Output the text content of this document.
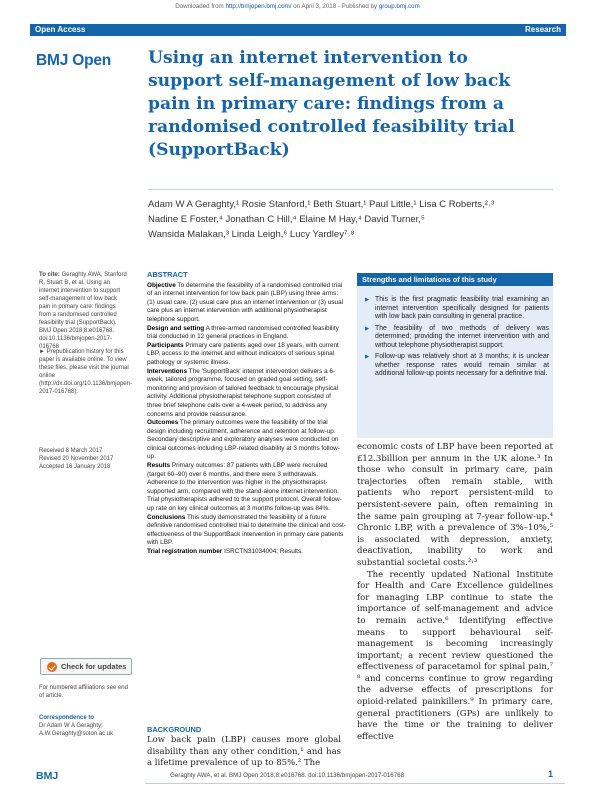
Downloaded from http://bmjopen.bmj.com/ on April 3, 2018 - Published by group.bmj.com
Open Access	Research
BMJ Open Using an internet intervention to support self-management of low back pain in primary care: findings from a randomised controlled feasibility trial (SupportBack)
Adam W A Geraghty,¹ Rosie Stanford,¹ Beth Stuart,¹ Paul Little,¹ Lisa C Roberts,²˒³
Nadine E Foster,⁴ Jonathan C Hill,⁴ Elaine M Hay,⁴ David Turner,⁵
Wansida Malakan,³ Linda Leigh,⁶ Lucy Yardley⁷˒⁸
To cite: Geraghty AWA, Stanford R, Stuart B, et al. Using an internet intervention to support self-management of low back pain in primary care: findings from a randomised controlled feasibility trial (SupportBack). BMJ Open 2018;8:e016768. doi:10.1136/bmjopen-2017-016768
► Prepublication history for this paper is available online. To view these files, please visit the journal online (http://dx.doi.org/10.1136/bmjopen-2017-016768).
Received 8 March 2017
Revised 20 November 2017
Accepted 16 January 2018
Check for updates
For numbered affiliations see end of article.
Correspondence to
Dr Adam W A Geraghty;
A.W.Geraghty@soton.ac.uk
ABSTRACT

Objective To determine the feasibility of a randomised controlled trial of an internet intervention for low back pain (LBP) using three arms: (1) usual care, (2) usual care plus an internet intervention or (3) usual care plus an internet intervention with additional physiotherapist telephone support.

Design and setting A three-armed randomised controlled feasibility trial conducted in 12 general practices in England.

Participants Primary care patients aged over 18 years, with current LBP, access to the internet and without indicators of serious spinal pathology or systemic illness.

Interventions The 'SupportBack' internet intervention delivers a 6-week, tailored programme, focused on graded goal setting, self-monitoring and provision of tailored feedback to encourage physical activity. Additional physiotherapist telephone support consisted of three brief telephone calls over a 4-week period, to address any concerns and provide reassurance.

Outcomes The primary outcomes were the feasibility of the trial design including recruitment, adherence and retention at follow-up. Secondary descriptive and exploratory analyses were conducted on clinical outcomes including LBP-related disability at 3 months follow-up.

Results Primary outcomes: 87 patients with LBP were recruited (target 60–90) over 6 months, and there were 3 withdrawals. Adherence to the intervention was higher in the physiotherapist-supported arm, compared with the stand-alone internet intervention. Trial physiotherapists adhered to the support protocol. Overall follow-up rate on key clinical outcomes at 3 months follow-up was 84%.

Conclusions This study demonstrated the feasibility of a future definitive randomised controlled trial to determine the clinical and cost-effectiveness of the SupportBack intervention in primary care patients with LBP.

Trial registration number ISRCTN31034004; Results.

BACKGROUND
Low back pain (LBP) causes more global disability than any other condition,¹ and has a lifetime prevalence of up to 85%.² The
Strengths and limitations of this study
▶ This is the first pragmatic feasibility trial examining an internet intervention specifically designed for patients with low back pain consulting in general practice.
▶ The feasibility of two methods of delivery was determined; providing the internet intervention with and without telephone physiotherapist support.
▶ Follow-up was relatively short at 3 months; it is unclear whether response rates would remain similar at additional follow-up points necessary for a definitive trial.

economic costs of LBP have been reported at £12.3billion per annum in the UK alone.³ In those who consult in primary care, pain trajectories often remain stable, with patients who report persistent-mild to persistent-severe pain, often remaining in the same pain grouping at 7-year follow-up.⁴ Chronic LBP, with a prevalence of 3%–10%,⁵ is associated with depression, anxiety, deactivation, inability to work and substantial societal costs.²˒³

The recently updated National Institute for Health and Care Excellence guidelines for managing LBP continue to state the importance of self-management and advice to remain active.⁶ Identifying effective means to support behavioural self-management is becoming increasingly important; a recent review questioned the effectiveness of paracetamol for spinal pain,⁷ ⁸ and concerns continue to grow regarding the adverse effects of prescriptions for opioid-related painkillers.⁹ In primary care, general practitioners (GPs) are unlikely to have the time or the training to deliver effective

BMJ	Geraghty AWA, et al. BMJ Open 2018;8:e016768. doi:10.1136/bmjopen-2017-016768	1
